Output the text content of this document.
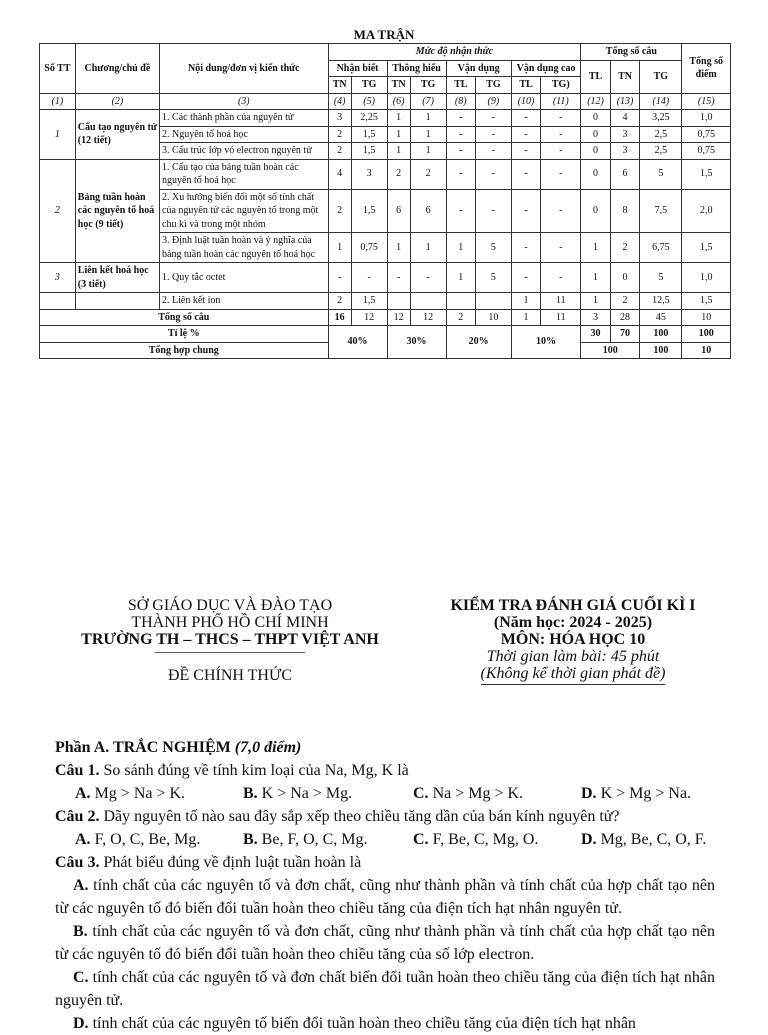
MA TRẬN
Số TT	Chương/chủ đề	Nội dung/đơn vị kiến thức	Mức độ nhận thức								Tổng số câu			Tổng số điểm
			Nhận biết		Thông hiểu		Vận dụng		Vận dụng cao		TL	TN	TG	
			TN	TG	TN	TG	TL	TG	TL	TG)				
(1)	(2)	(3)	(4)	(5)	(6)	(7)	(8)	(9)	(10)	(11)	(12)	(13)	(14)	(15)
1	Cấu tạo nguyên tử (12 tiết)	1. Các thành phần của nguyên tử	3	2,25	1	1	-	-	-	-	0	4	3,25	1,0
		2. Nguyên tố hoá học	2	1,5	1	1	-	-	-	-	0	3	2,5	0,75
		3. Cấu trúc lớp vỏ electron nguyên tử	2	1,5	1	1	-	-	-	-	0	3	2,5	0,75
2	Bảng tuần hoàn các nguyên tố hoá học (9 tiết)	1. Cấu tạo của bảng tuần hoàn các nguyên tố hoá học	4	3	2	2	-	-	-	-	0	6	5	1,5
		2. Xu hướng biến đổi một số tính chất của nguyên tử các nguyên tố trong một chu kì và trong một nhóm	2	1,5	6	6	-	-	-	-	0	8	7,5	2,0
		3. Định luật tuần hoàn và ý nghĩa của bảng tuần hoàn các nguyên tố hoá học	1	0,75	1	1	1	5	-	-	1	2	6,75	1,5
3	Liên kết hoá học (3 tiết)	1. Quy tắc octet	-	-	-	-	1	5	-	-	1	0	5	1,0
		2. Liên kết ion	2	1,5					1	11	1	2	12,5	1,5
Tổng số câu			16	12	12	12	2	10	1	11	3	28	45	10
Tỉ lệ %			40%		30%		20%		10%		30	70	100	100
Tổng hợp chung											100		100	10
SỞ GIÁO DỤC VÀ ĐÀO TẠO
THÀNH PHỐ HỒ CHÍ MINH
TRƯỜNG TH – THCS – THPT VIỆT ANH
ĐỀ CHÍNH THỨC
KIỂM TRA ĐÁNH GIÁ CUỐI KÌ I
(Năm học: 2024 - 2025)
MÔN: HÓA HỌC 10
Thời gian làm bài: 45 phút
(Không kể thời gian phát đề)

Phần A. TRẮC NGHIỆM (7,0 điểm)

Câu 1. So sánh đúng về tính kim loại của Na, Mg, K là

A. Mg > Na > K.	B. K > Na > Mg.	C. Na > Mg > K.	D. K > Mg > Na.

Câu 2. Dãy nguyên tố nào sau đây sắp xếp theo chiều tăng dần của bán kính nguyên tử?

A. F, O, C, Be, Mg.	B. Be, F, O, C, Mg.	C. F, Be, C, Mg, O.	D. Mg, Be, C, O, F.

Câu 3. Phát biểu đúng về định luật tuần hoàn là

A. tính chất của các nguyên tố và đơn chất, cũng như thành phần và tính chất của hợp chất tạo nên từ các nguyên tố đó biến đổi tuần hoàn theo chiều tăng của điện tích hạt nhân nguyên tử.

B. tính chất của các nguyên tố và đơn chất, cũng như thành phần và tính chất của hợp chất tạo nên từ các nguyên tố đó biến đổi tuần hoàn theo chiều tăng của số lớp electron.

C. tính chất của các nguyên tố và đơn chất biến đổi tuần hoàn theo chiều tăng của điện tích hạt nhân nguyên tử.

D. tính chất của các nguyên tố biến đổi tuần hoàn theo chiều tăng của điện tích hạt nhân
